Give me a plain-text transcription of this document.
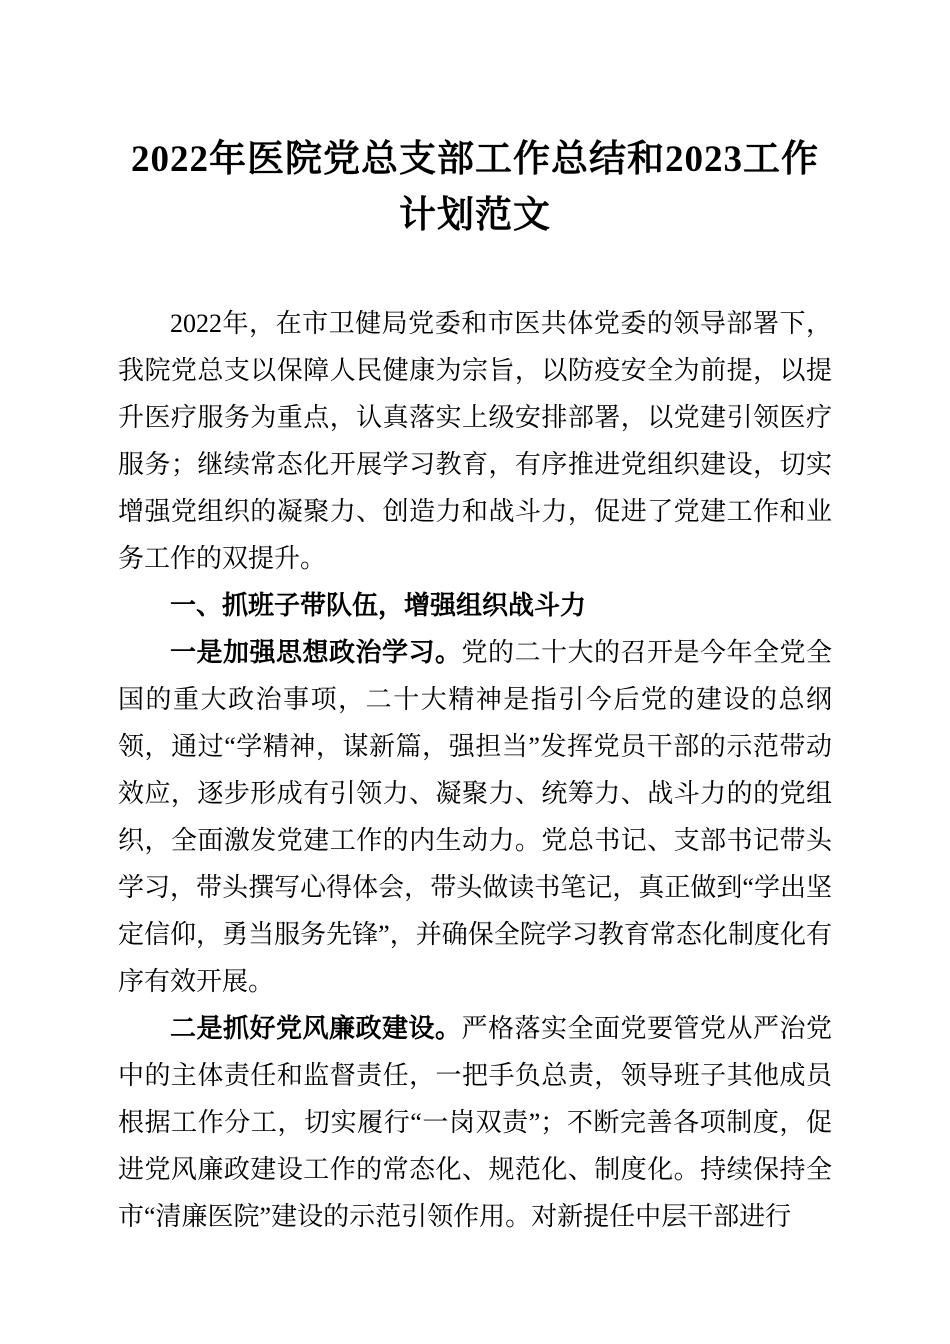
2022年医院党总支部工作总结和2023工作计划范文

2022年，在市卫健局党委和市医共体党委的领导部署下，我院党总支以保障人民健康为宗旨，以防疫安全为前提，以提升医疗服务为重点，认真落实上级安排部署，以党建引领医疗服务；继续常态化开展学习教育，有序推进党组织建设，切实增强党组织的凝聚力、创造力和战斗力，促进了党建工作和业务工作的双提升。

一、抓班子带队伍，增强组织战斗力

一是加强思想政治学习。党的二十大的召开是今年全党全国的重大政治事项，二十大精神是指引今后党的建设的总纲领，通过“学精神，谋新篇，强担当”发挥党员干部的示范带动效应，逐步形成有引领力、凝聚力、统筹力、战斗力的的党组织，全面激发党建工作的内生动力。党总书记、支部书记带头学习，带头撰写心得体会，带头做读书笔记，真正做到“学出坚定信仰，勇当服务先锋”，并确保全院学习教育常态化制度化有序有效开展。

二是抓好党风廉政建设。严格落实全面党要管党从严治党中的主体责任和监督责任，一把手负总责，领导班子其他成员根据工作分工，切实履行“一岗双责”；不断完善各项制度，促进党风廉政建设工作的常态化、规范化、制度化。持续保持全市“清廉医院”建设的示范引领作用。对新提任中层干部进行
